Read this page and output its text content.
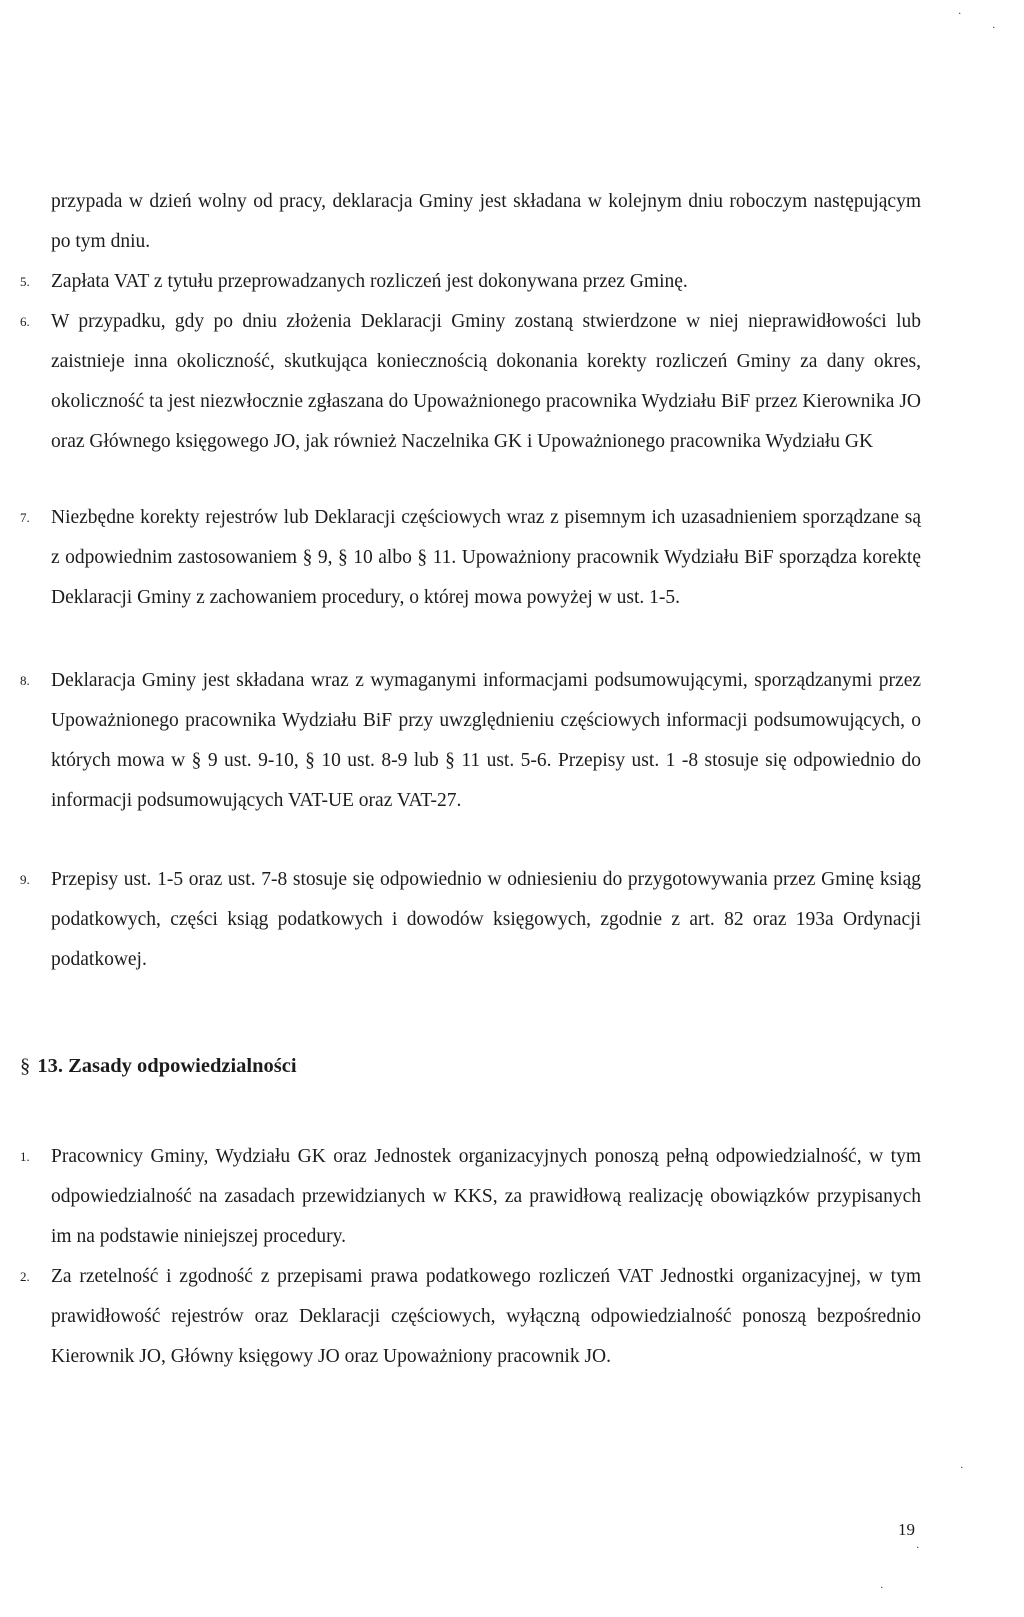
przypada w dzień wolny od pracy, deklaracja Gminy jest składana w kolejnym dniu roboczym następującym po tym dniu.

5.	Zapłata VAT z tytułu przeprowadzanych rozliczeń jest dokonywana przez Gminę.

6.	W przypadku, gdy po dniu złożenia Deklaracji Gminy zostaną stwierdzone w niej nieprawidłowości lub zaistnieje inna okoliczność, skutkująca koniecznością dokonania korekty rozliczeń Gminy za dany okres, okoliczność ta jest niezwłocznie zgłaszana do Upoważnionego pracownika Wydziału BiF przez Kierownika JO oraz Głównego księgowego JO, jak również Naczelnika GK i Upoważnionego pracownika Wydziału GK

7.	Niezbędne korekty rejestrów lub Deklaracji częściowych wraz z pisemnym ich uzasadnieniem sporządzane są z odpowiednim zastosowaniem § 9, § 10 albo § 11. Upoważniony pracownik Wydziału BiF sporządza korektę Deklaracji Gminy z zachowaniem procedury, o której mowa powyżej w ust. 1-5.

8.	Deklaracja Gminy jest składana wraz z wymaganymi informacjami podsumowującymi, sporządzanymi przez Upoważnionego pracownika Wydziału BiF przy uwzględnieniu częściowych informacji podsumowujących, o których mowa w § 9 ust. 9-10, § 10 ust. 8-9 lub § 11 ust. 5-6. Przepisy ust. 1 -8 stosuje się odpowiednio do informacji podsumowujących VAT-UE oraz VAT-27.

9.	Przepisy ust. 1-5 oraz ust. 7-8 stosuje się odpowiednio w odniesieniu do przygotowywania przez Gminę ksiąg podatkowych, części ksiąg podatkowych i dowodów księgowych, zgodnie z art. 82 oraz 193a Ordynacji podatkowej.

§ 13. Zasady odpowiedzialności
1.	Pracownicy Gminy, Wydziału GK oraz Jednostek organizacyjnych ponoszą pełną odpowiedzialność, w tym odpowiedzialność na zasadach przewidzianych w KKS, za prawidłową realizację obowiązków przypisanych im na podstawie niniejszej procedury.

2.	Za rzetelność i zgodność z przepisami prawa podatkowego rozliczeń VAT Jednostki organizacyjnej, w tym prawidłowość rejestrów oraz Deklaracji częściowych, wyłączną odpowiedzialność ponoszą bezpośrednio Kierownik JO, Główny księgowy JO oraz Upoważniony pracownik JO.

19
·
·
·
·
·
